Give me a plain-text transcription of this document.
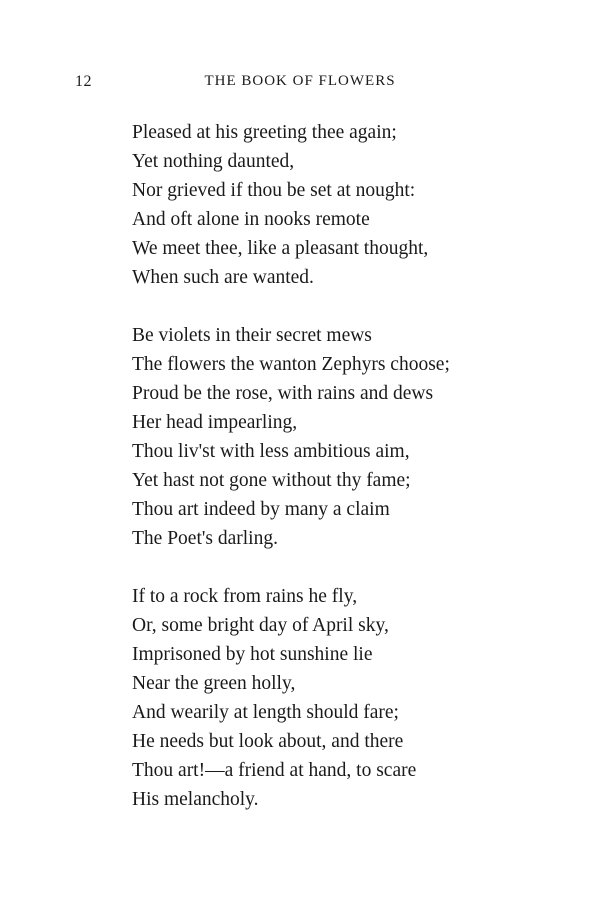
12	THE BOOK OF FLOWERS
Pleased at his greeting thee again;
Yet nothing daunted,
Nor grieved if thou be set at nought:
And oft alone in nooks remote
We meet thee, like a pleasant thought,
When such are wanted.
Be violets in their secret mews
The flowers the wanton Zephyrs choose;
Proud be the rose, with rains and dews
Her head impearling,
Thou liv'st with less ambitious aim,
Yet hast not gone without thy fame;
Thou art indeed by many a claim
The Poet's darling.
If to a rock from rains he fly,
Or, some bright day of April sky,
Imprisoned by hot sunshine lie
Near the green holly,
And wearily at length should fare;
He needs but look about, and there
Thou art!—a friend at hand, to scare
His melancholy.
